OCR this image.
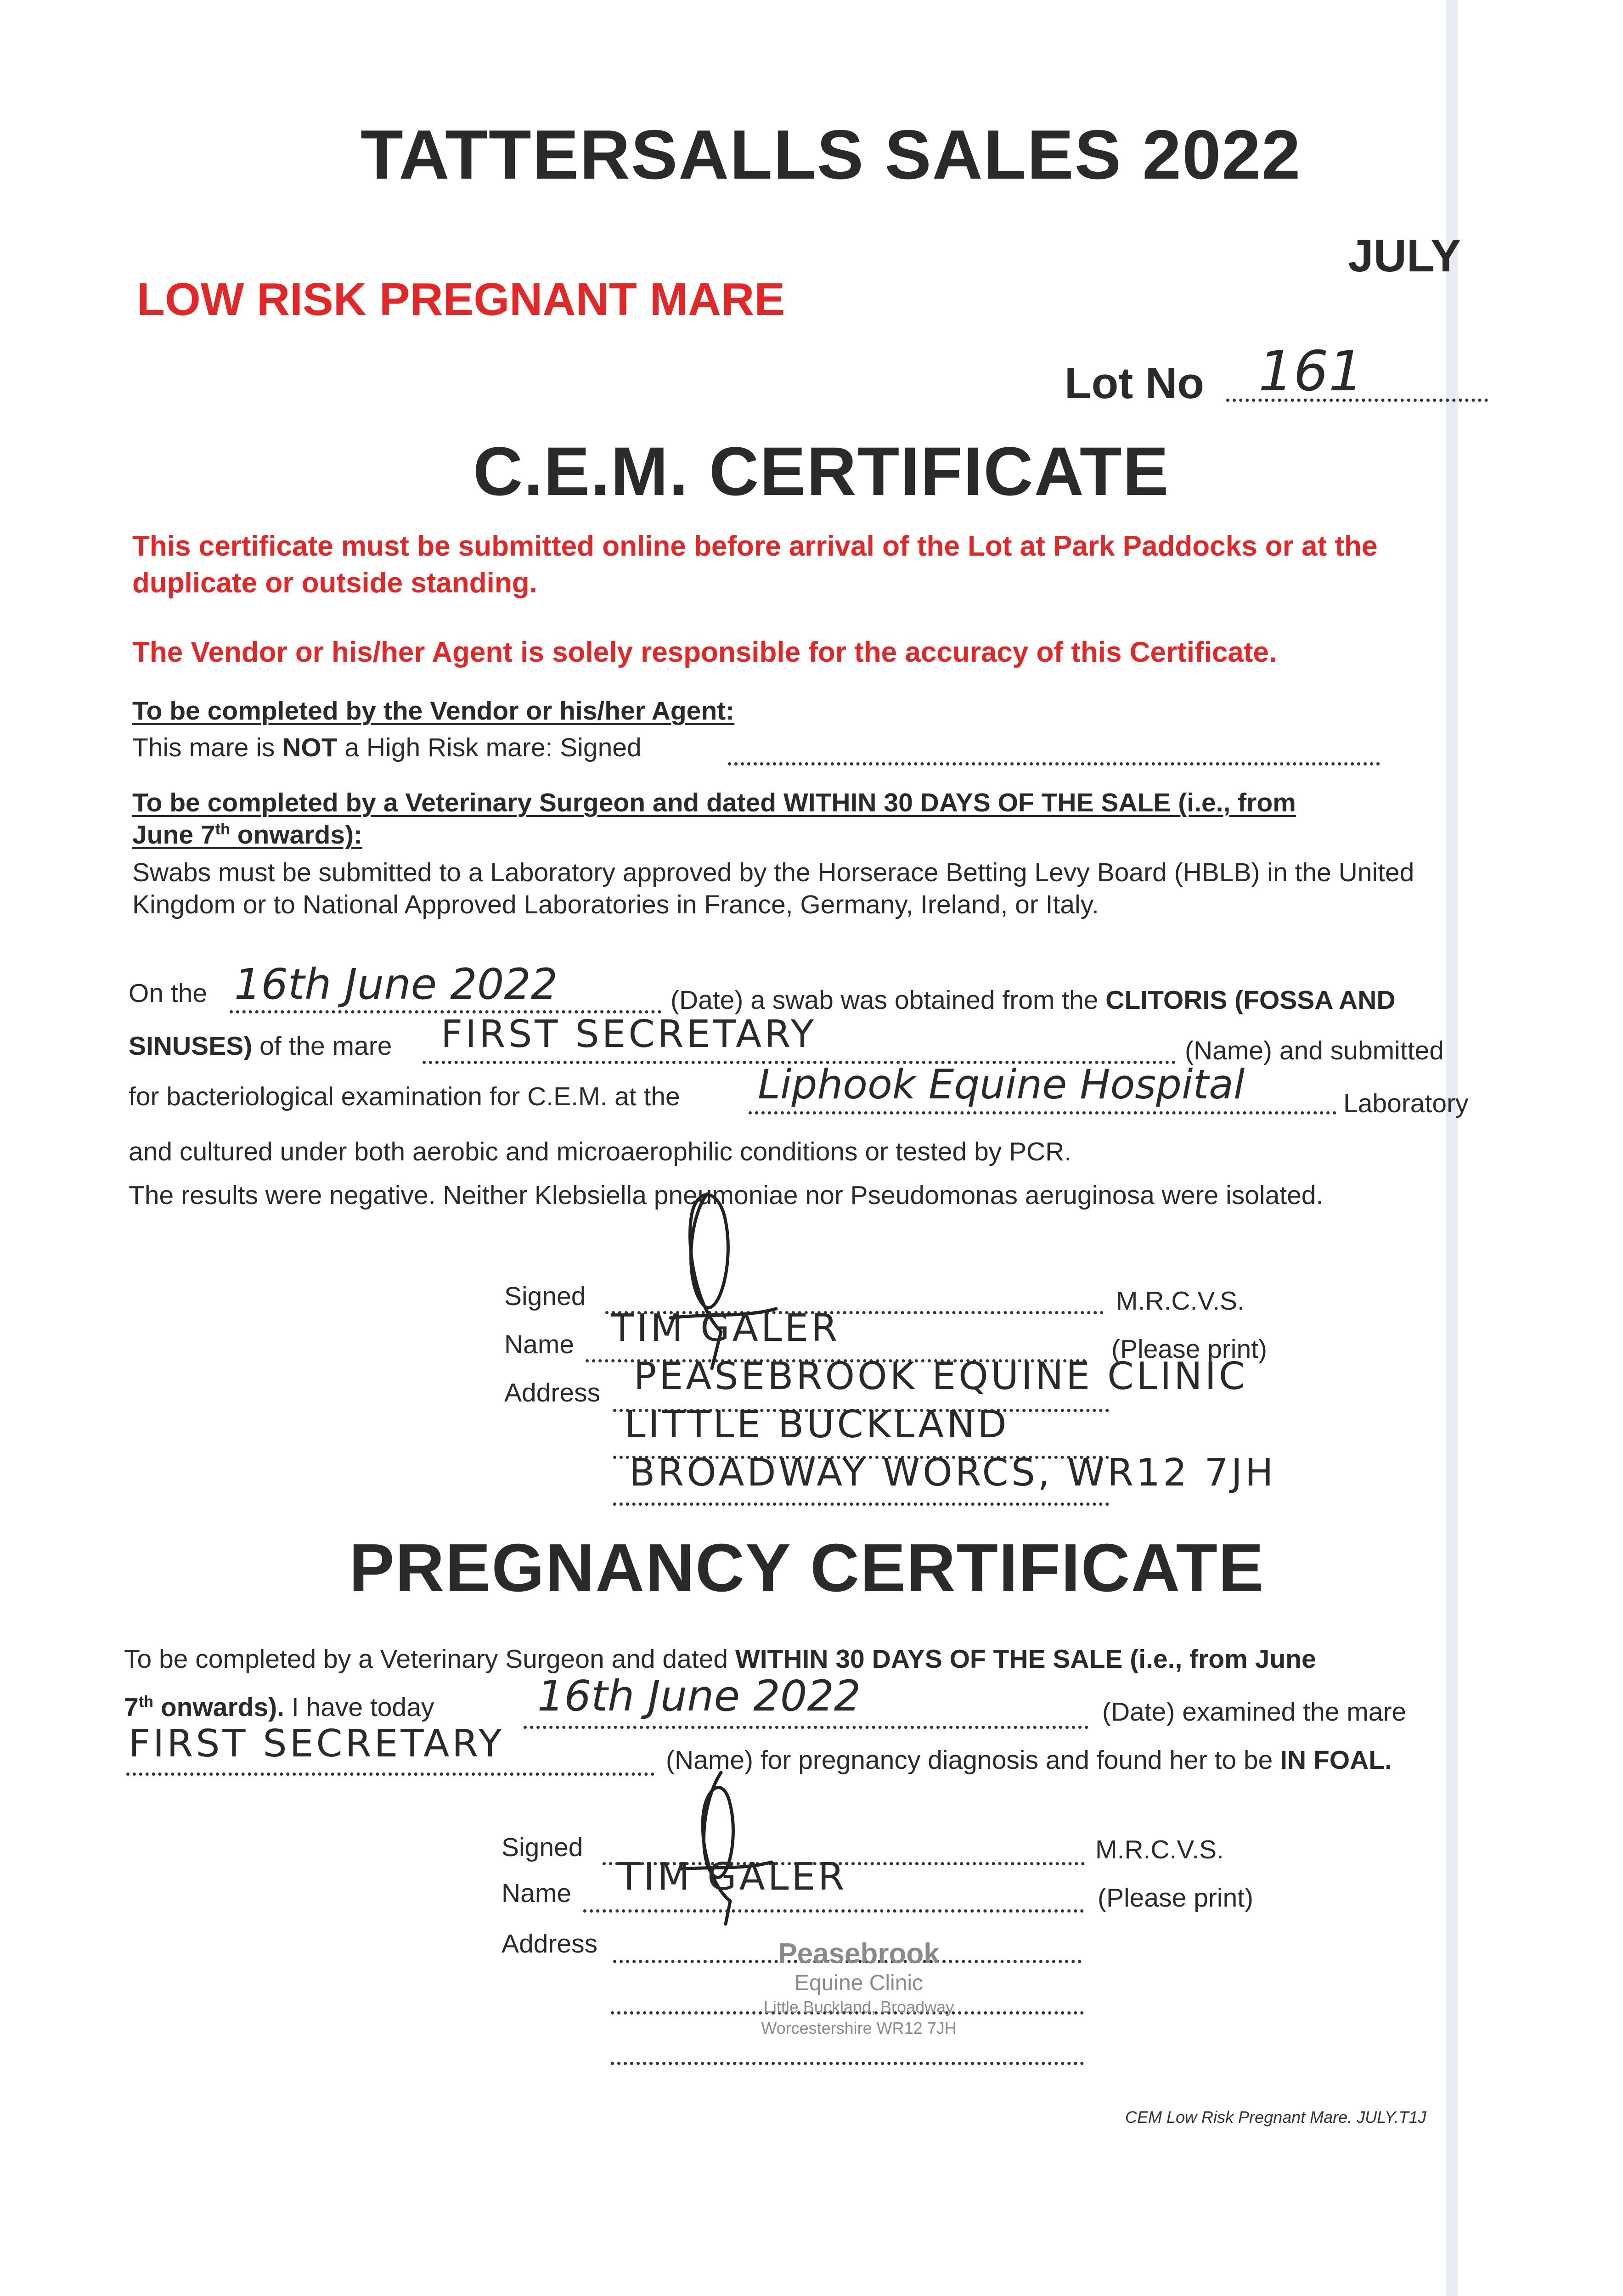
TATTERSALLS SALES 2022
JULY
LOW RISK PREGNANT MARE
Lot No 161
C.E.M. CERTIFICATE
This certificate must be submitted online before arrival of the Lot at Park Paddocks or at the duplicate or outside standing.
The Vendor or his/her Agent is solely responsible for the accuracy of this Certificate.
To be completed by the Vendor or his/her Agent:
This mare is NOT a High Risk mare: Signed
To be completed by a Veterinary Surgeon and dated WITHIN 30 DAYS OF THE SALE (i.e., from
June 7th onwards):
Swabs must be submitted to a Laboratory approved by the Horserace Betting Levy Board (HBLB) in the United Kingdom or to National Approved Laboratories in France, Germany, Ireland, or Italy.
On the 16th June 2022	(Date) a swab was obtained from the CLITORIS (FOSSA AND
SINUSES) of the mare FIRST SECRETARY	(Name) and submitted
for bacteriological examination for C.E.M. at the Liphook Equine Hospital	Laboratory
and cultured under both aerobic and microaerophilic conditions or tested by PCR.
The results were negative. Neither Klebsiella pneumoniae nor Pseudomonas aeruginosa were isolated.
Signed	M.R.C.V.S.
Name TIM GALER	(Please print)
Address PEASEBROOK EQUINE CLINIC
LITTLE BUCKLAND
BROADWAY WORCS, WR12 7JH
PREGNANCY CERTIFICATE
To be completed by a Veterinary Surgeon and dated WITHIN 30 DAYS OF THE SALE (i.e., from June
7th onwards). I have today 16th June 2022	(Date) examined the mare
FIRST SECRETARY	(Name) for pregnancy diagnosis and found her to be IN FOAL.
Signed	M.R.C.V.S.
Name TIM GALER	(Please print)
Address	Peasebrook
Equine Clinic
Little Buckland, Broadway
Worcestershire WR12 7JH
CEM Low Risk Pregnant Mare. JULY.T1J
